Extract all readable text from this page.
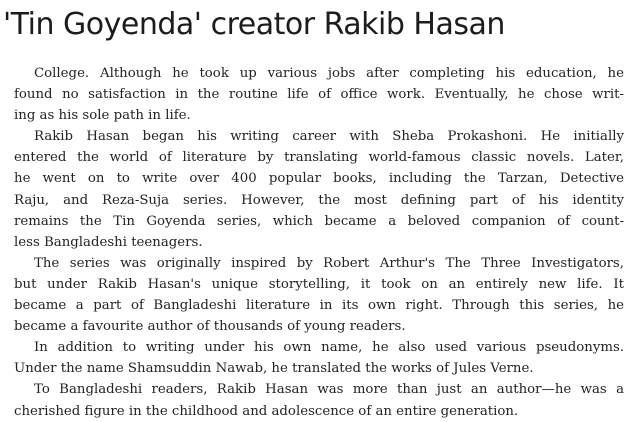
'Tin Goyenda' creator Rakib Hasan
College. Although he took up various jobs after completing his education, he
found no satisfaction in the routine life of office work. Eventually, he chose writ-
ing as his sole path in life.
Rakib Hasan began his writing career with Sheba Prokashoni. He initially
entered the world of literature by translating world-famous classic novels. Later,
he went on to write over 400 popular books, including the Tarzan, Detective
Raju, and Reza-Suja series. However, the most defining part of his identity
remains the Tin Goyenda series, which became a beloved companion of count-
less Bangladeshi teenagers.
The series was originally inspired by Robert Arthur's The Three Investigators,
but under Rakib Hasan's unique storytelling, it took on an entirely new life. It
became a part of Bangladeshi literature in its own right. Through this series, he
became a favourite author of thousands of young readers.
In addition to writing under his own name, he also used various pseudonyms.
Under the name Shamsuddin Nawab, he translated the works of Jules Verne.
To Bangladeshi readers, Rakib Hasan was more than just an author—he was a
cherished figure in the childhood and adolescence of an entire generation.
